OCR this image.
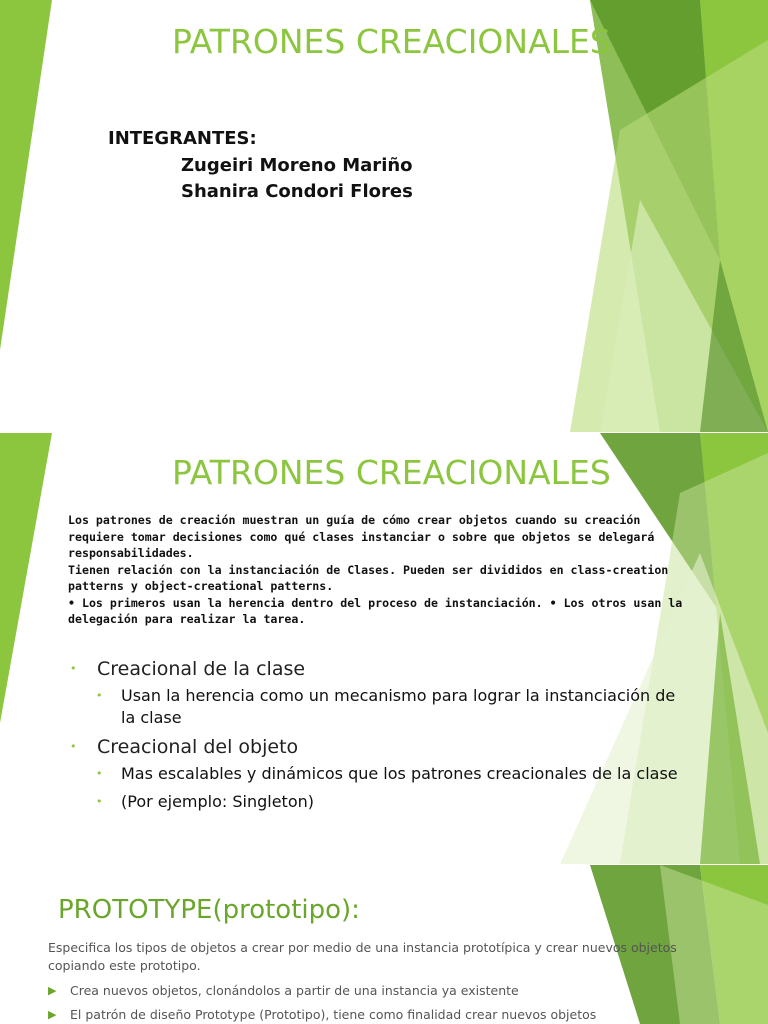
PATRONES CREACIONALES
INTEGRANTES:
Zugeiri Moreno Mariño
Shanira Condori Flores
PATRONES CREACIONALES

Los patrones de creación muestran un guía de cómo crear objetos cuando su creación requiere tomar decisiones como qué clases instanciar o sobre que objetos se delegará responsabilidades.

Tienen relación con la instanciación de Clases. Pueden ser divididos en class-creation patterns y object-creational patterns.

• Los primeros usan la herencia dentro del proceso de instanciación. • Los otros usan la delegación para realizar la tarea.

• Creacional de la clase
• Usan la herencia como un mecanismo para lograr la instanciación de la clase
• Creacional del objeto
• Mas escalables y dinámicos que los patrones creacionales de la clase
• (Por ejemplo: Singleton)
PROTOTYPE(prototipo):

Especifica los tipos de objetos a crear por medio de una instancia prototípica y crear nuevos objetos copiando este prototipo.

▶ Crea nuevos objetos, clonándolos a partir de una instancia ya existente
▶ El patrón de diseño Prototype (Prototipo), tiene como finalidad crear nuevos objetos
